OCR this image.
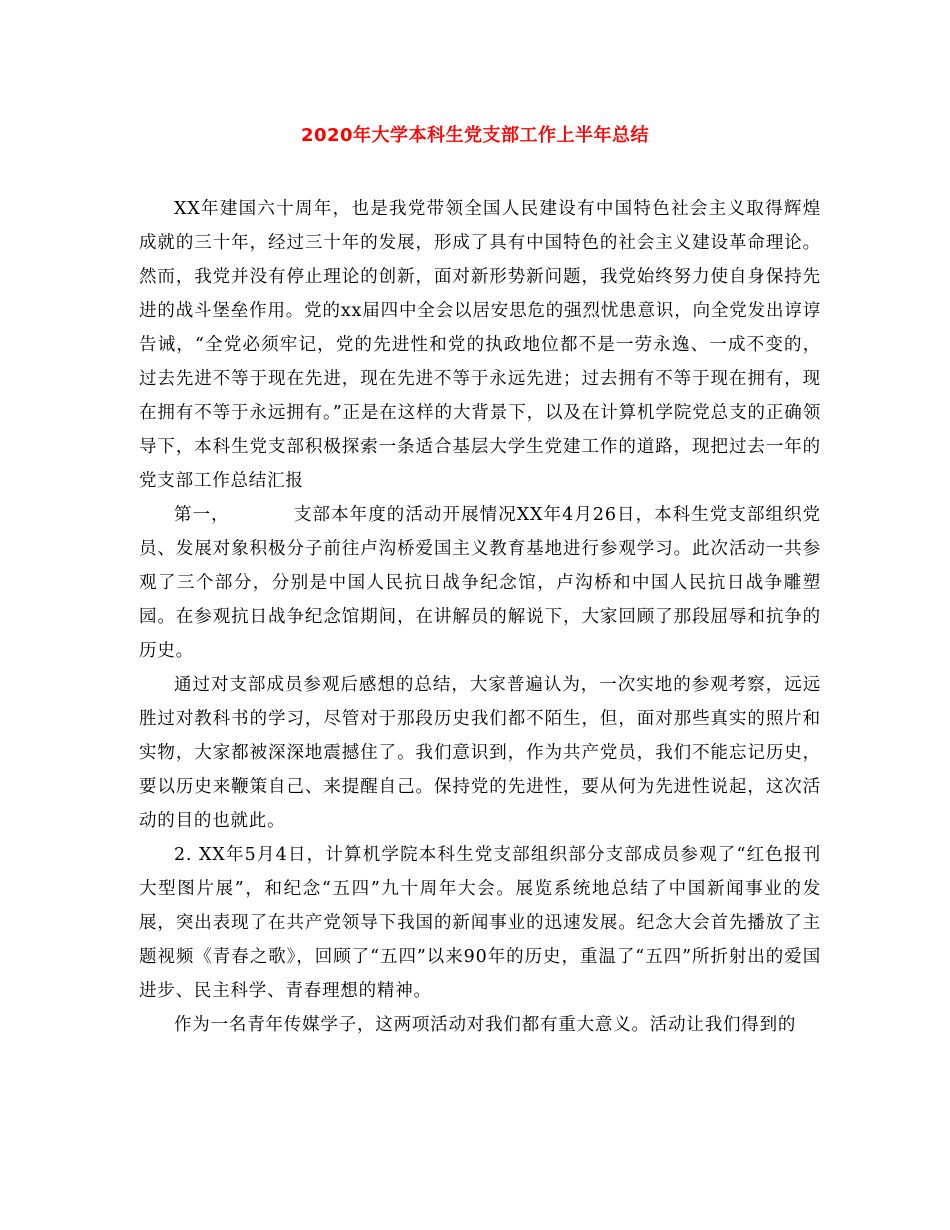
2020年大学本科生党支部工作上半年总结

XX年建国六十周年，也是我党带领全国人民建设有中国特色社会主义取得辉煌成就的三十年，经过三十年的发展，形成了具有中国特色的社会主义建设革命理论。然而，我党并没有停止理论的创新，面对新形势新问题，我党始终努力使自身保持先进的战斗堡垒作用。党的xx届四中全会以居安思危的强烈忧患意识，向全党发出谆谆告诫，“全党必须牢记，党的先进性和党的执政地位都不是一劳永逸、一成不变的，过去先进不等于现在先进，现在先进不等于永远先进；过去拥有不等于现在拥有，现在拥有不等于永远拥有。”正是在这样的大背景下，以及在计算机学院党总支的正确领导下，本科生党支部积极探索一条适合基层大学生党建工作的道路，现把过去一年的党支部工作总结汇报

第一，	支部本年度的活动开展情况XX年4月26日，本科生党支部组织党员、发展对象积极分子前往卢沟桥爱国主义教育基地进行参观学习。此次活动一共参观了三个部分，分别是中国人民抗日战争纪念馆，卢沟桥和中国人民抗日战争雕塑园。在参观抗日战争纪念馆期间，在讲解员的解说下，大家回顾了那段屈辱和抗争的历史。

通过对支部成员参观后感想的总结，大家普遍认为，一次实地的参观考察，远远胜过对教科书的学习，尽管对于那段历史我们都不陌生，但，面对那些真实的照片和实物，大家都被深深地震撼住了。我们意识到，作为共产党员，我们不能忘记历史，要以历史来鞭策自己、来提醒自己。保持党的先进性，要从何为先进性说起，这次活动的目的也就此。

2. XX年5月4日，计算机学院本科生党支部组织部分支部成员参观了“红色报刊大型图片展”，和纪念“五四”九十周年大会。展览系统地总结了中国新闻事业的发展，突出表现了在共产党领导下我国的新闻事业的迅速发展。纪念大会首先播放了主题视频《青春之歌》，回顾了“五四”以来90年的历史，重温了“五四”所折射出的爱国进步、民主科学、青春理想的精神。

作为一名青年传媒学子，这两项活动对我们都有重大意义。活动让我们得到的
